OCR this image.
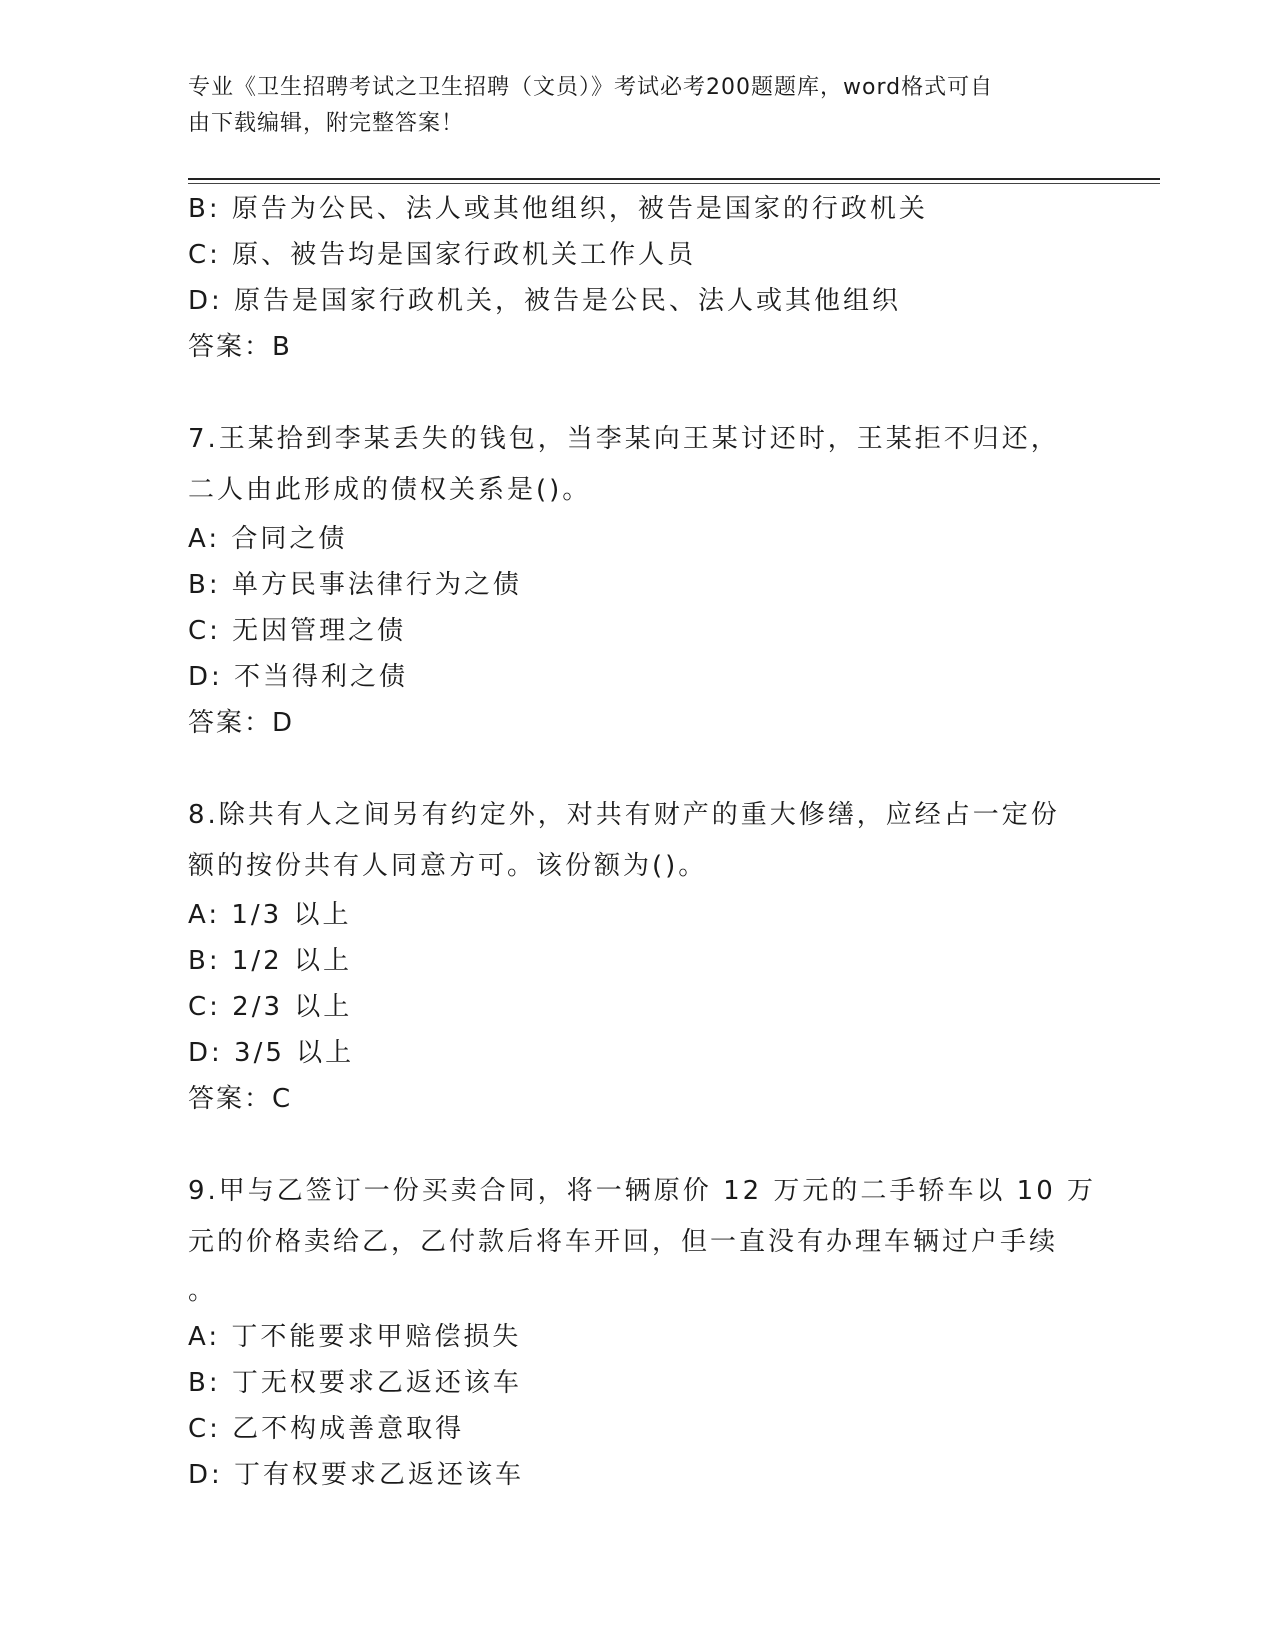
专业《卫生招聘考试之卫生招聘（文员）》考试必考200题题库，word格式可自
由下载编辑，附完整答案！
B: 原告为公民、法人或其他组织，被告是国家的行政机关
C: 原、被告均是国家行政机关工作人员
D: 原告是国家行政机关，被告是公民、法人或其他组织
答案：B
7.王某拾到李某丢失的钱包，当李某向王某讨还时，王某拒不归还，
二人由此形成的债权关系是()。
A: 合同之债
B: 单方民事法律行为之债
C: 无因管理之债
D: 不当得利之债
答案：D
8.除共有人之间另有约定外，对共有财产的重大修缮，应经占一定份
额的按份共有人同意方可。该份额为()。
A: 1/3 以上
B: 1/2 以上
C: 2/3 以上
D: 3/5 以上
答案：C
9.甲与乙签订一份买卖合同，将一辆原价 12 万元的二手轿车以 10 万
元的价格卖给乙，乙付款后将车开回，但一直没有办理车辆过户手续
。
A: 丁不能要求甲赔偿损失
B: 丁无权要求乙返还该车
C: 乙不构成善意取得
D: 丁有权要求乙返还该车
